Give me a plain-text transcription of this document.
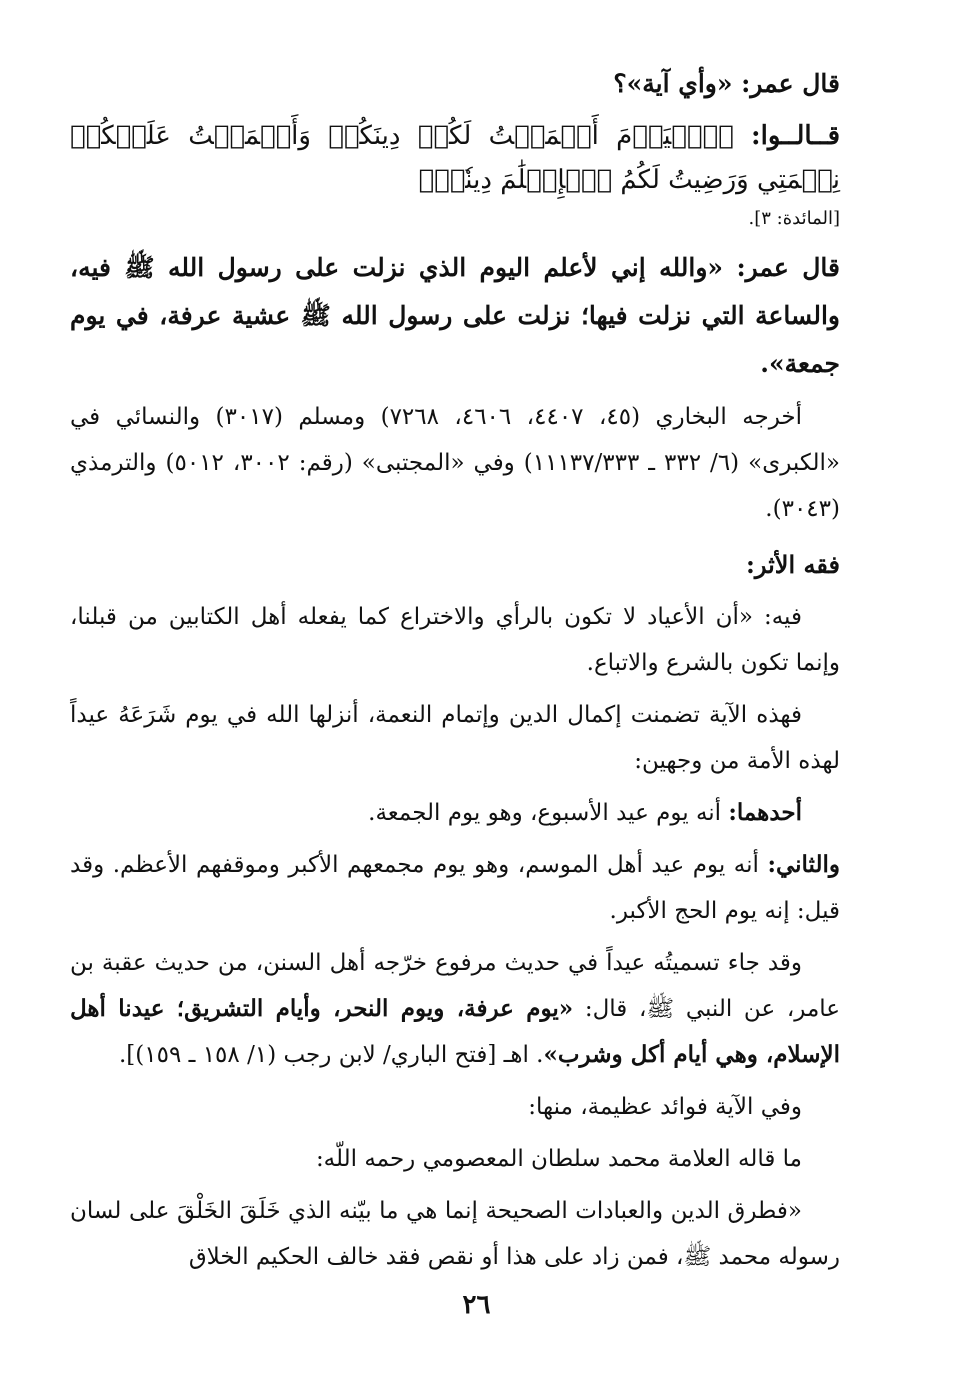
قال عمر: «وأي آية»؟

قــالــوا: ﴿ٱلۡيَوۡمَ أَكۡمَلۡتُ لَكُمۡ دِينَكُمۡ وَأَتۡمَمۡتُ عَلَيۡكُمۡ نِعۡمَتِي وَرَضِيتُ لَكُمُ ٱلۡإِسۡلَٰمَ دِينٗاۚ﴾

[المائدة: ٣].

قال عمر: «والله إني لأعلم اليوم الذي نزلت على رسول الله ﷺ فيه، والساعة التي نزلت فيها؛ نزلت على رسول الله ﷺ عشية عرفة، في يوم جمعة».

أخرجه البخاري (٤٥، ٤٤٠٧، ٤٦٠٦، ٧٢٦٨) ومسلم (٣٠١٧) والنسائي في «الكبرى» (٦/ ٣٣٢ ـ ١١١٣٧/٣٣٣) وفي «المجتبى» (رقم: ٣٠٠٢، ٥٠١٢) والترمذي (٣٠٤٣).

فقه الأثر:

فيه: «أن الأعياد لا تكون بالرأي والاختراع كما يفعله أهل الكتابين من قبلنا، وإنما تكون بالشرع والاتباع.

فهذه الآية تضمنت إكمال الدين وإتمام النعمة، أنزلها الله في يوم شَرَعَهُ عيداً لهذه الأمة من وجهين:

أحدهما: أنه يوم عيد الأسبوع، وهو يوم الجمعة.

والثاني: أنه يوم عيد أهل الموسم، وهو يوم مجمعهم الأكبر وموقفهم الأعظم. وقد قيل: إنه يوم الحج الأكبر.

وقد جاء تسميتُه عيداً في حديث مرفوع خرّجه أهل السنن، من حديث عقبة بن عامر، عن النبي ﷺ، قال: «يوم عرفة، ويوم النحر، وأيام التشريق؛ عيدنا أهل الإسلام، وهي أيام أكل وشرب». اهـ [فتح الباري/ لابن رجب (١/ ١٥٨ ـ ١٥٩)].

وفي الآية فوائد عظيمة، منها:

ما قاله العلامة محمد سلطان المعصومي رحمه اللّه:

«فطرق الدين والعبادات الصحيحة إنما هي ما بيّنه الذي خَلَقَ الخَلْقَ على لسان رسوله محمد ﷺ، فمن زاد على هذا أو نقص فقد خالف الحكيم الخلاق

٢٦
